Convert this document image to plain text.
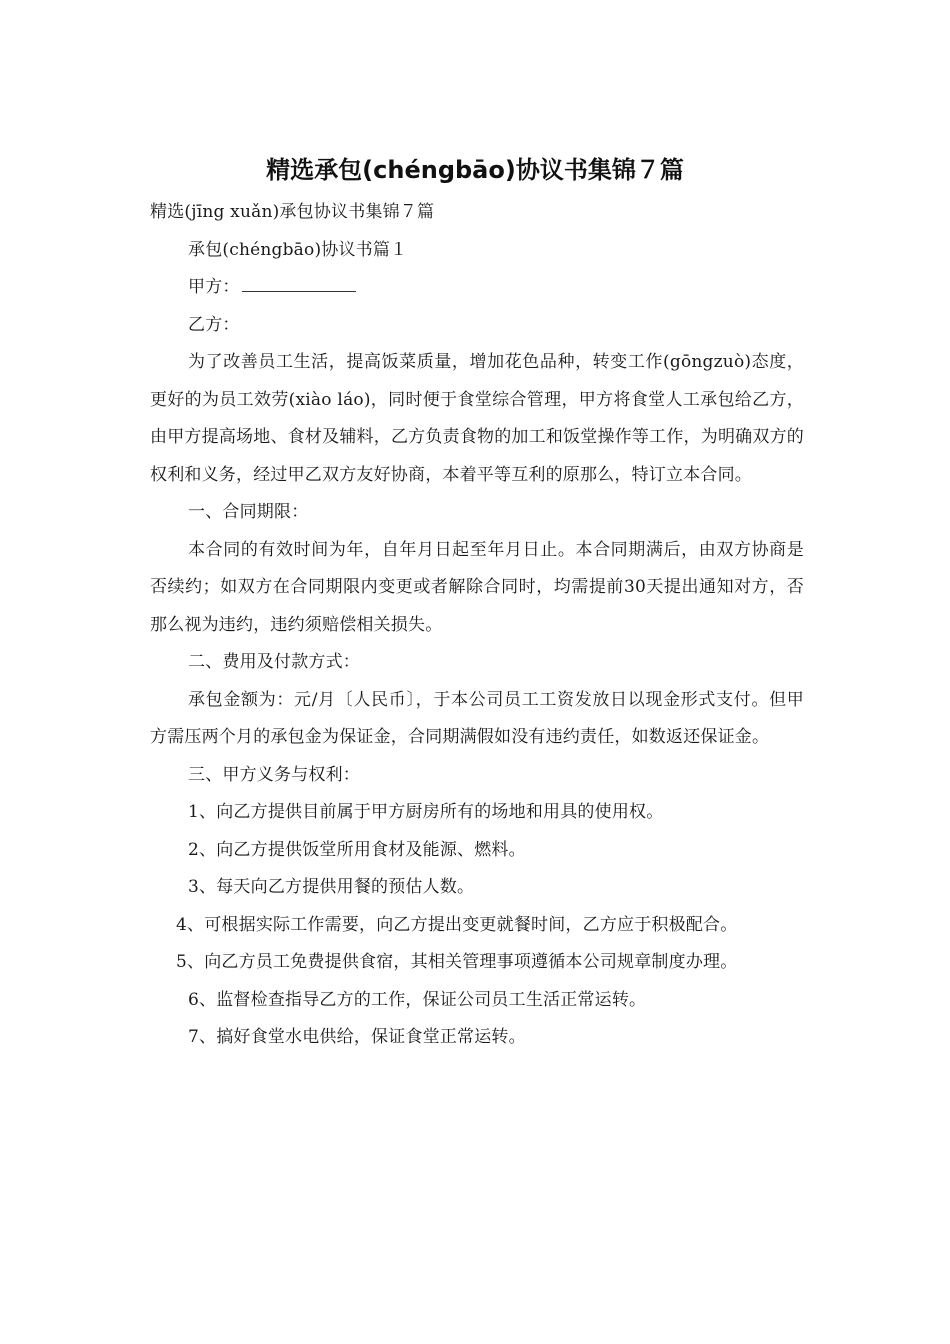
精选承包(chéngbāo)协议书集锦７篇

精选(jīng xuǎn)承包协议书集锦７篇

承包(chéngbāo)协议书篇１

甲方：

乙方：

为了改善员工生活，提高饭菜质量，增加花色品种，转变工作(gōngzuò)态度，更好的为员工效劳(xiào láo)，同时便于食堂综合管理，甲方将食堂人工承包给乙方，由甲方提高场地、食材及辅料，乙方负责食物的加工和饭堂操作等工作，为明确双方的权利和义务，经过甲乙双方友好协商，本着平等互利的原那么，特订立本合同。

一、合同期限：

本合同的有效时间为年，自年月日起至年月日止。本合同期满后，由双方协商是否续约；如双方在合同期限内变更或者解除合同时，均需提前30天提出通知对方，否那么视为违约，违约须赔偿相关损失。

二、费用及付款方式：

承包金额为：元/月〔人民币〕，于本公司员工工资发放日以现金形式支付。但甲方需压两个月的承包金为保证金，合同期满假如没有违约责任，如数返还保证金。

三、甲方义务与权利：

1、向乙方提供目前属于甲方厨房所有的场地和用具的使用权。

2、向乙方提供饭堂所用食材及能源、燃料。

3、每天向乙方提供用餐的预估人数。

4、可根据实际工作需要，向乙方提出变更就餐时间，乙方应于积极配合。

5、向乙方员工免费提供食宿，其相关管理事项遵循本公司规章制度办理。

6、监督检查指导乙方的工作，保证公司员工生活正常运转。

7、搞好食堂水电供给，保证食堂正常运转。
